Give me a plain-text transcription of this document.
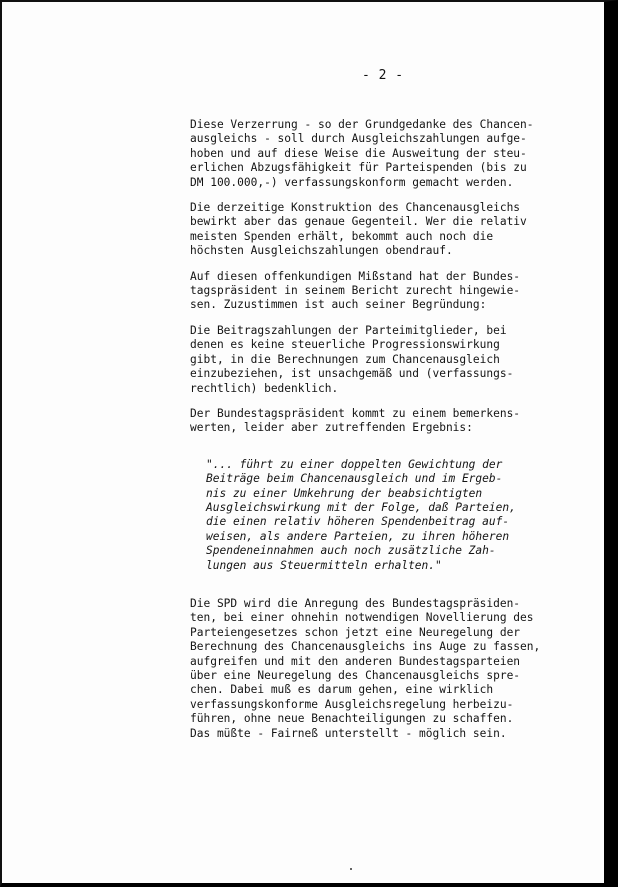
- 2 -

Diese Verzerrung - so der Grundgedanke des Chancen-
ausgleichs - soll durch Ausgleichszahlungen aufge-
hoben und auf diese Weise die Ausweitung der steu-
erlichen Abzugsfähigkeit für Parteispenden (bis zu
DM 100.000,-) verfassungskonform gemacht werden.

Die derzeitige Konstruktion des Chancenausgleichs
bewirkt aber das genaue Gegenteil. Wer die relativ
meisten Spenden erhält, bekommt auch noch die
höchsten Ausgleichszahlungen obendrauf.

Auf diesen offenkundigen Mißstand hat der Bundes-
tagspräsident in seinem Bericht zurecht hingewie-
sen. Zuzustimmen ist auch seiner Begründung:

Die Beitragszahlungen der Parteimitglieder, bei
denen es keine steuerliche Progressionswirkung
gibt, in die Berechnungen zum Chancenausgleich
einzubeziehen, ist unsachgemäß und (verfassungs-
rechtlich) bedenklich.

Der Bundestagspräsident kommt zu einem bemerkens-
werten, leider aber zutreffenden Ergebnis:

"... führt zu einer doppelten Gewichtung der
Beiträge beim Chancenausgleich und im Ergeb-
nis zu einer Umkehrung der beabsichtigten
Ausgleichswirkung mit der Folge, daß Parteien,
die einen relativ höheren Spendenbeitrag auf-
weisen, als andere Parteien, zu ihren höheren
Spendeneinnahmen auch noch zusätzliche Zah-
lungen aus Steuermitteln erhalten."

Die SPD wird die Anregung des Bundestagspräsiden-
ten, bei einer ohnehin notwendigen Novellierung des
Parteiengesetzes schon jetzt eine Neuregelung der
Berechnung des Chancenausgleichs ins Auge zu fassen,
aufgreifen und mit den anderen Bundestagsparteien
über eine Neuregelung des Chancenausgleichs spre-
chen. Dabei muß es darum gehen, eine wirklich
verfassungskonforme Ausgleichsregelung herbeizu-
führen, ohne neue Benachteiligungen zu schaffen.
Das müßte - Fairneß unterstellt - möglich sein.
